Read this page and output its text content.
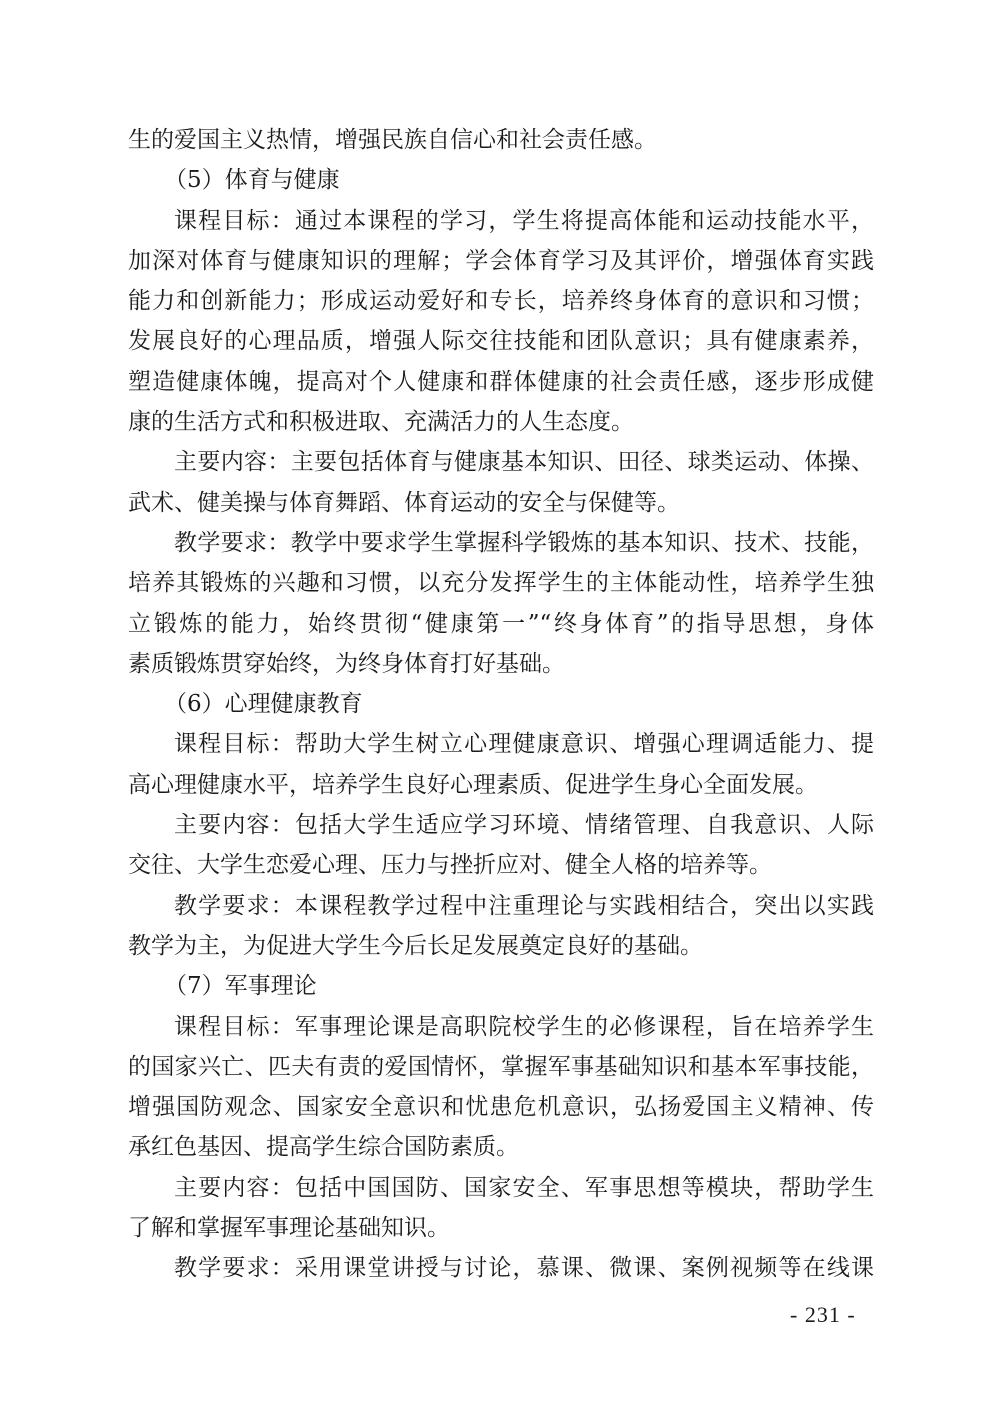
生的爱国主义热情，增强民族自信心和社会责任感。
（5）体育与健康
课程目标：通过本课程的学习，学生将提高体能和运动技能水平，
加深对体育与健康知识的理解；学会体育学习及其评价，增强体育实践
能力和创新能力；形成运动爱好和专长，培养终身体育的意识和习惯；
发展良好的心理品质，增强人际交往技能和团队意识；具有健康素养，
塑造健康体魄，提高对个人健康和群体健康的社会责任感，逐步形成健
康的生活方式和积极进取、充满活力的人生态度。
主要内容：主要包括体育与健康基本知识、田径、球类运动、体操、
武术、健美操与体育舞蹈、体育运动的安全与保健等。
教学要求：教学中要求学生掌握科学锻炼的基本知识、技术、技能，
培养其锻炼的兴趣和习惯，以充分发挥学生的主体能动性，培养学生独
立锻炼的能力，始终贯彻“健康第一”“终身体育”的指导思想，身体
素质锻炼贯穿始终，为终身体育打好基础。
（6）心理健康教育
课程目标：帮助大学生树立心理健康意识、增强心理调适能力、提
高心理健康水平，培养学生良好心理素质、促进学生身心全面发展。
主要内容：包括大学生适应学习环境、情绪管理、自我意识、人际
交往、大学生恋爱心理、压力与挫折应对、健全人格的培养等。
教学要求：本课程教学过程中注重理论与实践相结合，突出以实践
教学为主，为促进大学生今后长足发展奠定良好的基础。
（7）军事理论
课程目标：军事理论课是高职院校学生的必修课程，旨在培养学生
的国家兴亡、匹夫有责的爱国情怀，掌握军事基础知识和基本军事技能，
增强国防观念、国家安全意识和忧患危机意识，弘扬爱国主义精神、传
承红色基因、提高学生综合国防素质。
主要内容：包括中国国防、国家安全、军事思想等模块，帮助学生
了解和掌握军事理论基础知识。
教学要求：采用课堂讲授与讨论，慕课、微课、案例视频等在线课
- 231 -
